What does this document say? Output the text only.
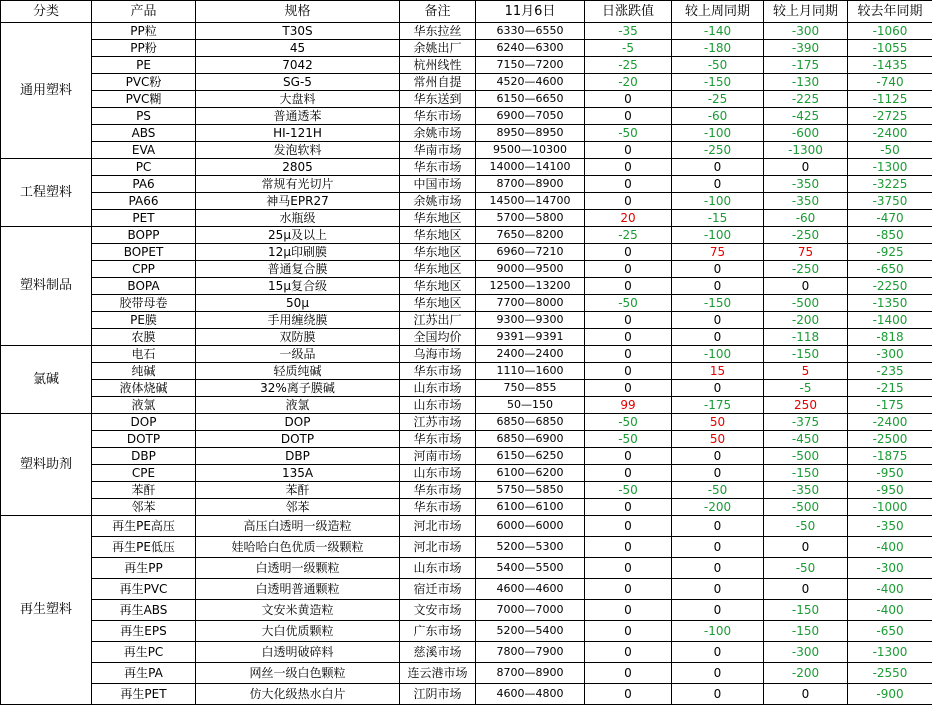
分类	产品	规格	备注	11月6日	日涨跌值	较上周同期	较上月同期	较去年同期
通用塑料	PP粒	T30S	华东拉丝	6330—6550	-35	-140	-300	-1060
	PP粉	45	余姚出厂	6240—6300	-5	-180	-390	-1055
	PE	7042	杭州线性	7150—7200	-25	-50	-175	-1435
	PVC粉	SG-5	常州自提	4520—4600	-20	-150	-130	-740
	PVC糊	大盘料	华东送到	6150—6650	0	-25	-225	-1125
	PS	普通透苯	华东市场	6900—7050	0	-60	-425	-2725
	ABS	HI-121H	余姚市场	8950—8950	-50	-100	-600	-2400
	EVA	发泡软料	华南市场	9500—10300	0	-250	-1300	-50
工程塑料	PC	2805	华东市场	14000—14100	0	0	0	-1300
	PA6	常规有光切片	中国市场	8700—8900	0	0	-350	-3225
	PA66	神马EPR27	余姚市场	14500—14700	0	-100	-350	-3750
	PET	水瓶级	华东地区	5700—5800	20	-15	-60	-470
塑料制品	BOPP	25μ及以上	华东地区	7650—8200	-25	-100	-250	-850
	BOPET	12μ印刷膜	华东地区	6960—7210	0	75	75	-925
	CPP	普通复合膜	华东地区	9000—9500	0	0	-250	-650
	BOPA	15μ复合级	华东地区	12500—13200	0	0	0	-2250
	胶带母卷	50μ	华东地区	7700—8000	-50	-150	-500	-1350
	PE膜	手用缠绕膜	江苏出厂	9300—9300	0	0	-200	-1400
	农膜	双防膜	全国均价	9391—9391	0	0	-118	-818
氯碱	电石	一级品	乌海市场	2400—2400	0	-100	-150	-300
	纯碱	轻质纯碱	华东市场	1110—1600	0	15	5	-235
	液体烧碱	32%离子膜碱	山东市场	750—855	0	0	-5	-215
	液氯	液氯	山东市场	50—150	99	-175	250	-175
塑料助剂	DOP	DOP	江苏市场	6850—6850	-50	50	-375	-2400
	DOTP	DOTP	华东市场	6850—6900	-50	50	-450	-2500
	DBP	DBP	河南市场	6150—6250	0	0	-500	-1875
	CPE	135A	山东市场	6100—6200	0	0	-150	-950
	苯酐	苯酐	华东市场	5750—5850	-50	-50	-350	-950
	邻苯	邻苯	华东市场	6100—6100	0	-200	-500	-1000
再生塑料	再生PE高压	高压白透明一级造粒	河北市场	6000—6000	0	0	-50	-350
	再生PE低压	娃哈哈白色优质一级颗粒	河北市场	5200—5300	0	0	0	-400
	再生PP	白透明一级颗粒	山东市场	5400—5500	0	0	-50	-300
	再生PVC	白透明普通颗粒	宿迁市场	4600—4600	0	0	0	-400
	再生ABS	文安米黄造粒	文安市场	7000—7000	0	0	-150	-400
	再生EPS	大白优质颗粒	广东市场	5200—5400	0	-100	-150	-650
	再生PC	白透明破碎料	慈溪市场	7800—7900	0	0	-300	-1300
	再生PA	网丝一级白色颗粒	连云港市场	8700—8900	0	0	-200	-2550
	再生PET	仿大化级热水白片	江阴市场	4600—4800	0	0	0	-900
